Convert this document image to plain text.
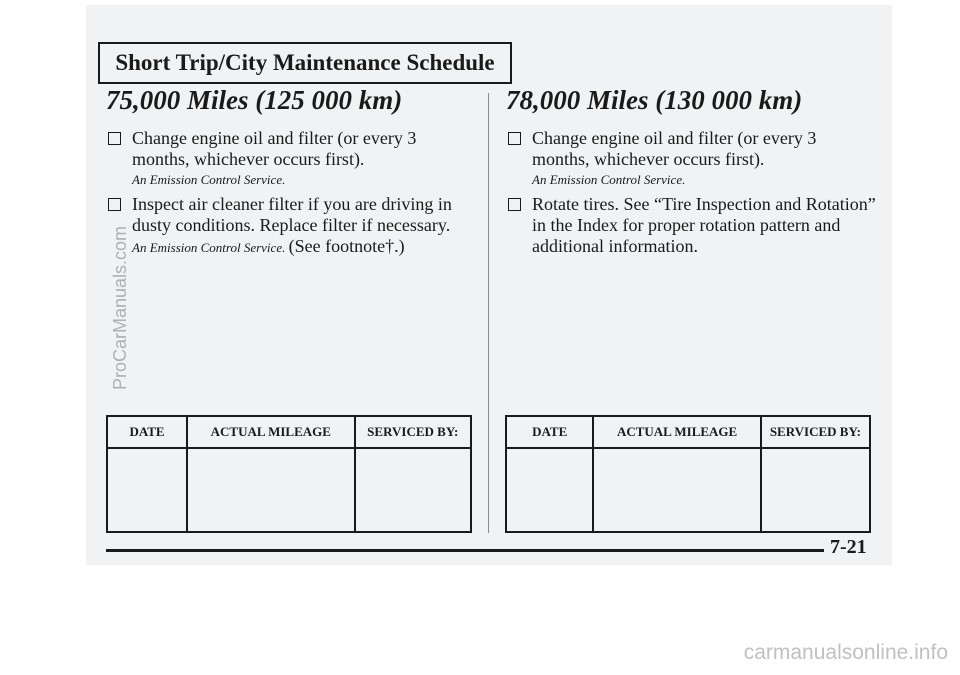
Short Trip/City Maintenance Schedule
75,000 Miles (125 000 km)
Change engine oil and filter (or every 3 months, whichever occurs first).
An Emission Control Service.
Inspect air cleaner filter if you are driving in dusty conditions. Replace filter if necessary.
An Emission Control Service. (See footnote†.)
78,000 Miles (130 000 km)
Change engine oil and filter (or every 3 months, whichever occurs first).
An Emission Control Service.
Rotate tires. See “Tire Inspection and Rotation” in the Index for proper rotation pattern and additional information.
DATE	ACTUAL MILEAGE	SERVICED BY:
			DATE	ACTUAL MILEAGE	SERVICED BY:

7-21
ProCarManuals.com
carmanualsonline.info
